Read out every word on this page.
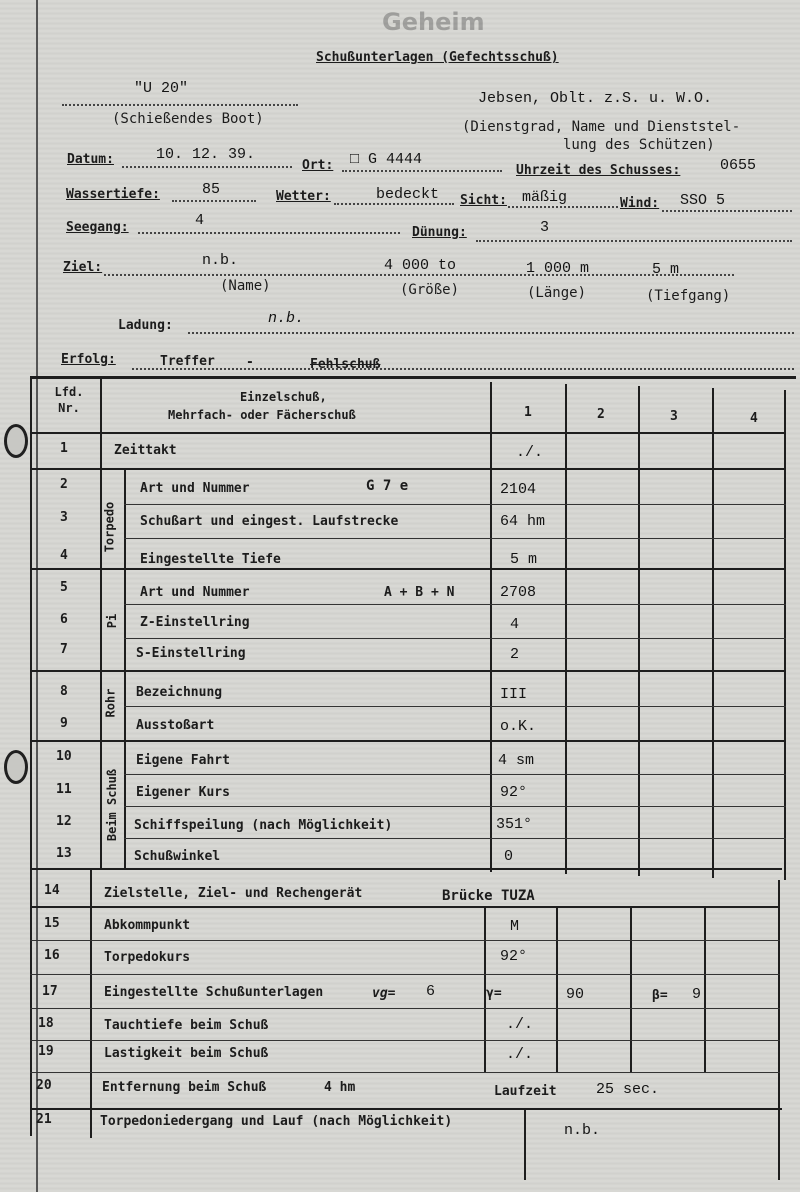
Geheim
Schußunterlagen (Gefechtsschuß)
"U 20"
(Schießendes Boot)
Jebsen, Oblt. z.S. u. W.O.
(Dienstgrad, Name und Dienststel-
lung des Schützen)
Datum:	10. 12. 39.
Ort: □ G 4444
Uhrzeit des Schusses:	0655
Wassertiefe:	85	Wetter:	bedeckt Sicht: mäßig	Wind: SSO 5
Seegang:	4
Dünung:	3
Ziel:	n.b.	4 000 to	1 000 m	5 m
(Name)	(Größe)	(Länge)	(Tiefgang)
Ladung:	n.b.
Erfolg:	Treffer -	Fehlschuß
Lfd. Nr.
Einzelschuß,
Mehrfach- oder Fächerschuß	1	2	3	4
Torpedo
Pi
Rohr
Beim Schuß
1	Zeittakt	./.
2	Art und Nummer	G 7 e	2104
3	Schußart und eingest. Laufstrecke	64 hm
4	Eingestellte Tiefe	5 m
5	Art und Nummer	A + B + N	2708
6	Z-Einstellring	4
7	S-Einstellring	2
8	Bezeichnung	III
9	Ausstoßart	o.K.
10	Eigene Fahrt	4 sm
11	Eigener Kurs	92°
12	Schiffspeilung (nach Möglichkeit)	351°
13	Schußwinkel	0
14	Zielstelle, Ziel- und Rechengerät	Brücke TUZA
15	Abkommpunkt	M
16	Torpedokurs	92°
17	Eingestellte Schußunterlagen	vg= 6	γ=	90	β= 9
18	Tauchtiefe beim Schuß	./.
19	Lastigkeit beim Schuß	./.
20	Entfernung beim Schuß	4 hm	Laufzeit	25 sec.
21	Torpedoniedergang und Lauf (nach Möglichkeit)
n.b.
